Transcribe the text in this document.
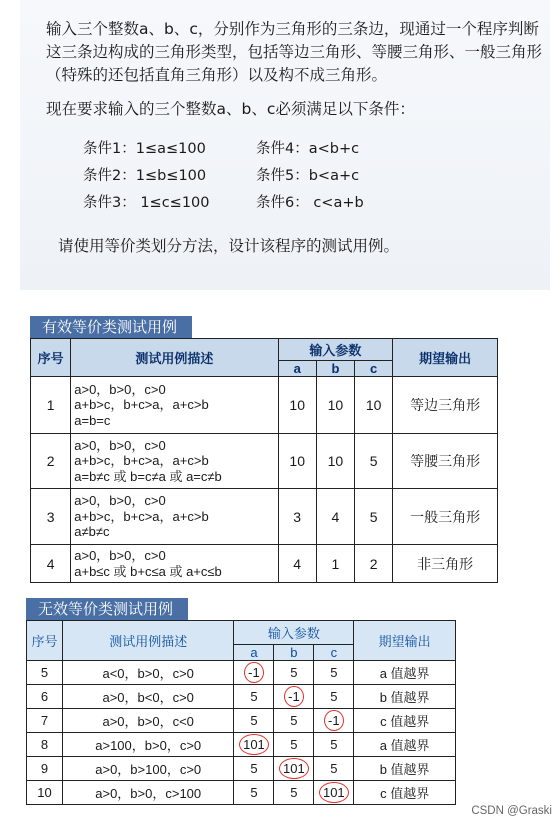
输入三个整数a、b、c，分别作为三角形的三条边，现通过一个程序判断这三条边构成的三角形类型，包括等边三角形、等腰三角形、一般三角形（特殊的还包括直角三角形）以及构不成三角形。

现在要求输入的三个整数a、b、c必须满足以下条件：

条件1：1≤a≤100
条件2：1≤b≤100
条件3： 1≤c≤100
条件4：a<b+c
条件5：b<a+c
条件6： c<a+b

请使用等价类划分方法，设计该程序的测试用例。

有效等价类测试用例
序号	测试用例描述	输入参数			期望输出
		a	b	c	
1	a>0，b>0，c>0
a+b>c，b+c>a，a+c>b
a=b=c	10	10	10	等边三角形
2	a>0，b>0，c>0
a+b>c，b+c>a，a+c>b
a=b≠c 或 b=c≠a 或 a=c≠b	10	10	5	等腰三角形
3	a>0，b>0，c>0
a+b>c，b+c>a，a+c>b
a≠b≠c	3	4	5	一般三角形
4	a>0，b>0，c>0
a+b≤c 或 b+c≤a 或 a+c≤b	4	1	2	非三角形
无效等价类测试用例
序号	测试用例描述	输入参数			期望输出
		a	b	c	
5	a<0，b>0，c>0	-1	5	5	a 值越界
6	a>0，b<0，c>0	5	-1	5	b 值越界
7	a>0，b>0，c<0	5	5	-1	c 值越界
8	a>100，b>0，c>0	101	5	5	a 值越界
9	a>0，b>100，c>0	5	101	5	b 值越界
10	a>0，b>0，c>100	5	5	101	c 值越界
CSDN @Graski
